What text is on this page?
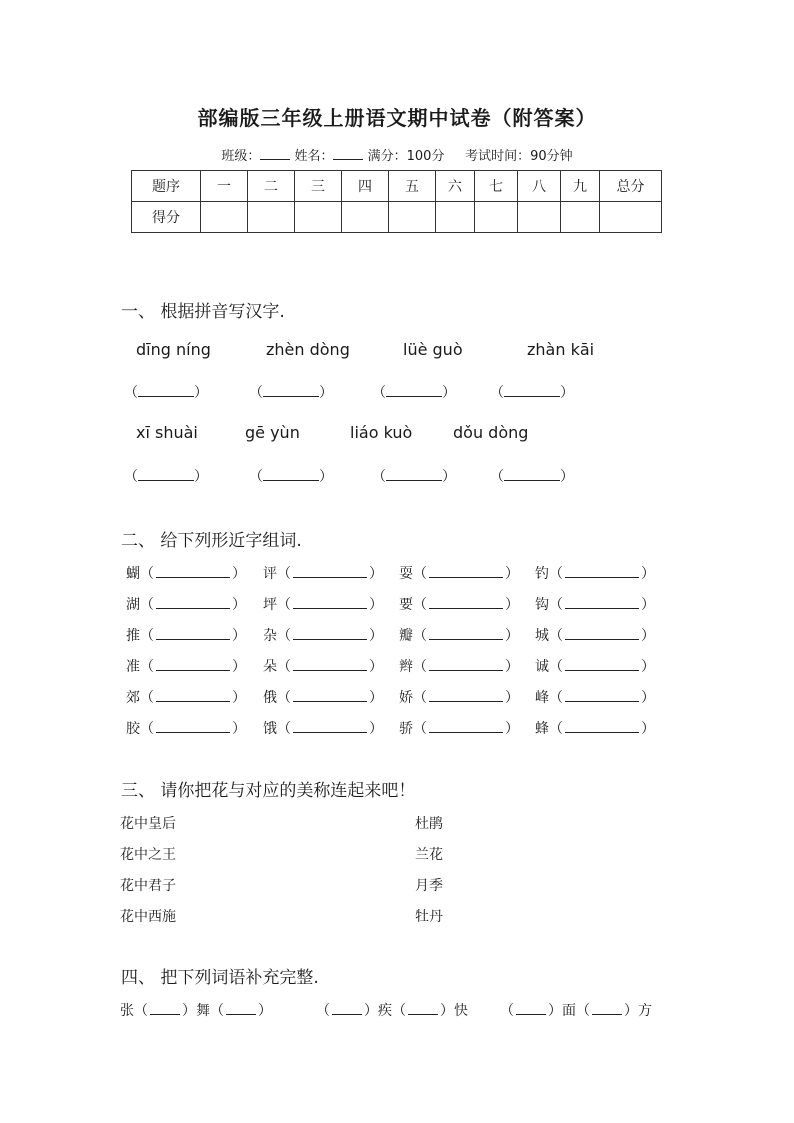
部编版三年级上册语文期中试卷（附答案）
班级：	姓名：	满分：100分 考试时间：90分钟
题序	一	二	三	四	五	六	七	八	九	总分
得分										
一、 根据拼音写汉字.
dīng níng	zhèn dòng	lüè guò	zhàn kāi
（	）	（	）	（	） （	）
xī shuài	gē yùn	liáo kuò	dǒu dòng
（	）	（	）	（	） （	）
二、 给下列形近字组词.
蝴（	） 评（	） 耍（	） 钓（	）
湖（	） 坪（	） 要（	） 钩（	）
推（	） 杂（	） 瓣（	） 城（	）
准（	） 朵（	） 辫（	） 诚（	）
郊（	） 俄（	） 娇（	） 峰（	）
胶（	） 饿（	） 骄（	） 蜂（	）
三、 请你把花与对应的美称连起来吧！
花中皇后
花中之王
花中君子
花中西施
杜鹃
兰花
月季
牡丹
四、 把下列词语补充完整.
张（ ）舞（ ）	（ ）疾（ ）快 （ ）面（ ）方
